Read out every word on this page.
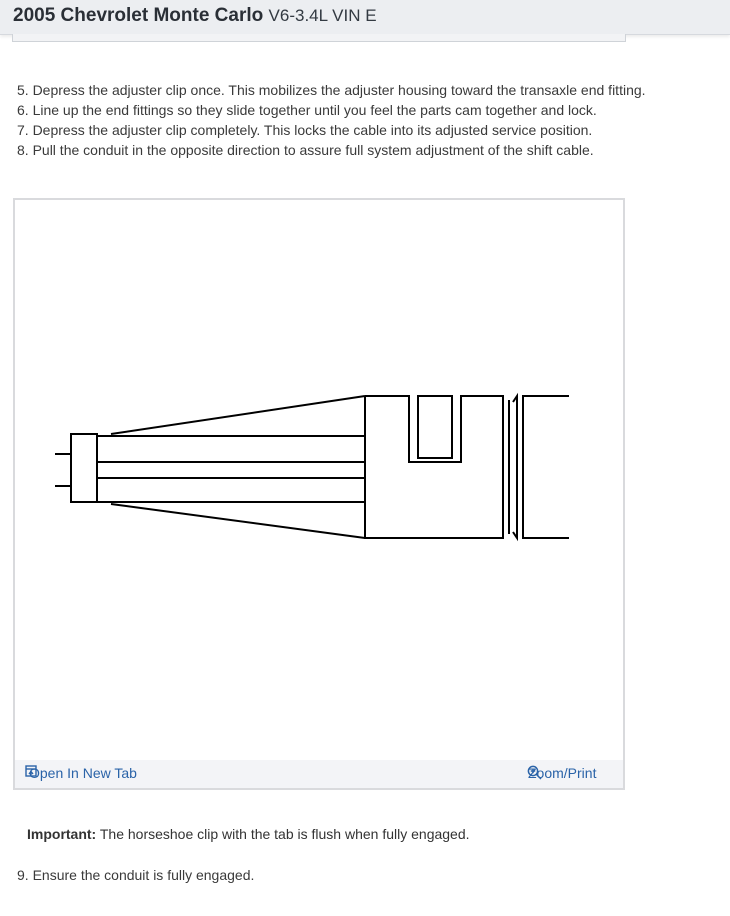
2005 Chevrolet Monte Carlo V6-3.4L VIN E
5. Depress the adjuster clip once. This mobilizes the adjuster housing toward the transaxle end fitting.
6. Line up the end fittings so they slide together until you feel the parts cam together and lock.
7. Depress the adjuster clip completely. This locks the cable into its adjusted service position.
8. Pull the conduit in the opposite direction to assure full system adjustment of the shift cable.
Open In New Tab	Zoom/Print
Important: The horseshoe clip with the tab is flush when fully engaged.
9. Ensure the conduit is fully engaged.
